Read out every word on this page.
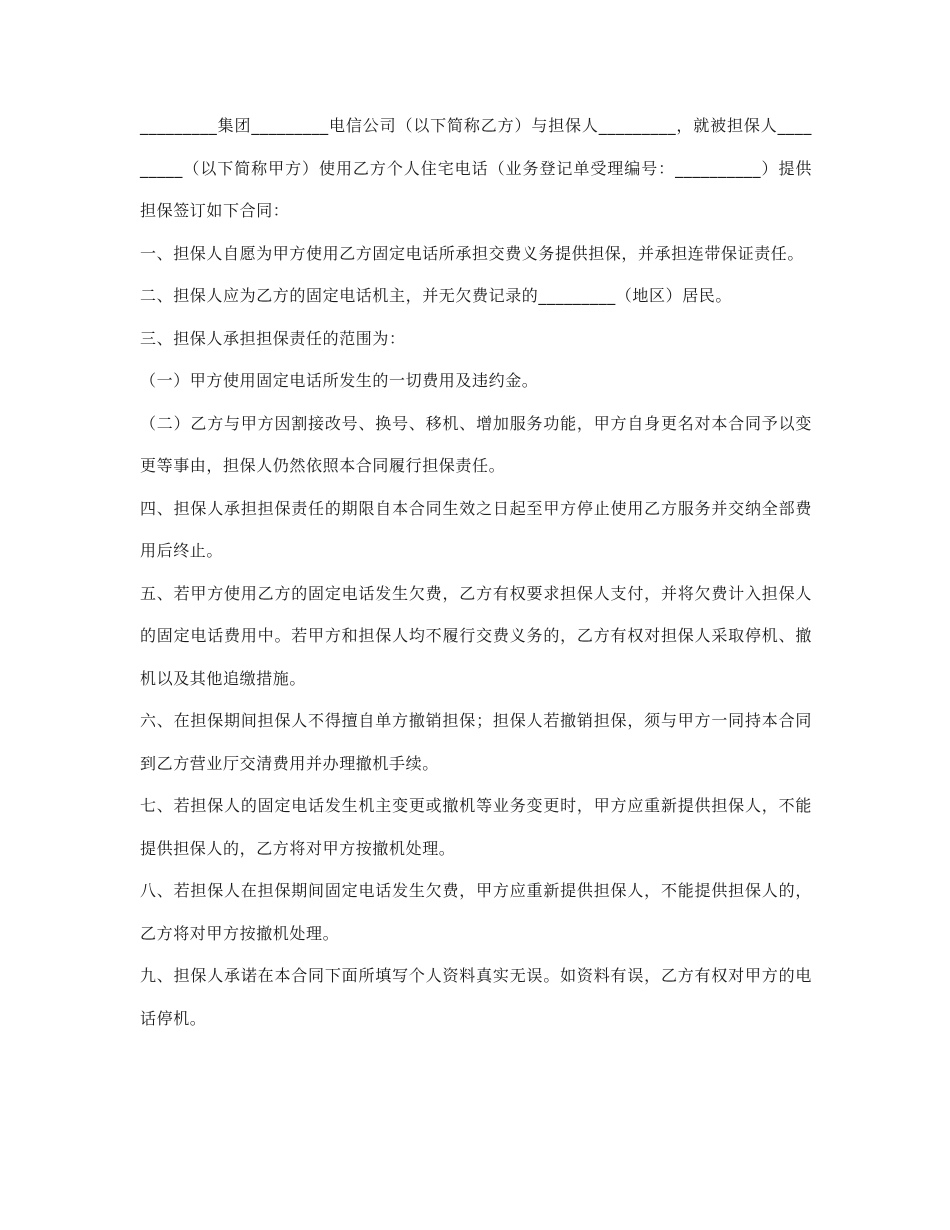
_________集团_________电信公司（以下简称乙方）与担保人_________，就被担保人_________（以下简称甲方）使用乙方个人住宅电话（业务登记单受理编号：__________）提供担保签订如下合同：

一、担保人自愿为甲方使用乙方固定电话所承担交费义务提供担保，并承担连带保证责任。

二、担保人应为乙方的固定电话机主，并无欠费记录的_________（地区）居民。

三、担保人承担担保责任的范围为：

（一）甲方使用固定电话所发生的一切费用及违约金。

（二）乙方与甲方因割接改号、换号、移机、增加服务功能，甲方自身更名对本合同予以变更等事由，担保人仍然依照本合同履行担保责任。

四、担保人承担担保责任的期限自本合同生效之日起至甲方停止使用乙方服务并交纳全部费用后终止。

五、若甲方使用乙方的固定电话发生欠费，乙方有权要求担保人支付，并将欠费计入担保人的固定电话费用中。若甲方和担保人均不履行交费义务的，乙方有权对担保人采取停机、撤机以及其他追缴措施。

六、在担保期间担保人不得擅自单方撤销担保；担保人若撤销担保，须与甲方一同持本合同到乙方营业厅交清费用并办理撤机手续。

七、若担保人的固定电话发生机主变更或撤机等业务变更时，甲方应重新提供担保人，不能提供担保人的，乙方将对甲方按撤机处理。

八、若担保人在担保期间固定电话发生欠费，甲方应重新提供担保人，不能提供担保人的，乙方将对甲方按撤机处理。

九、担保人承诺在本合同下面所填写个人资料真实无误。如资料有误，乙方有权对甲方的电话停机。
